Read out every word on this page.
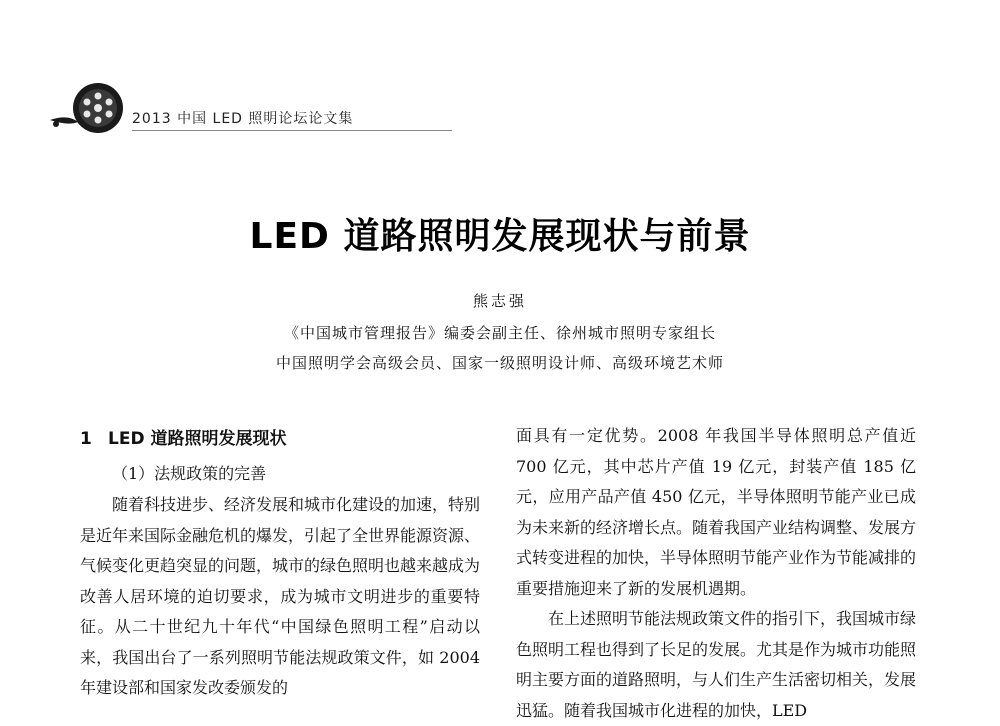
2013 中国 LED 照明论坛论文集
LED 道路照明发展现状与前景
熊志强
《中国城市管理报告》编委会副主任、徐州城市照明专家组长
中国照明学会高级会员、国家一级照明设计师、高级环境艺术师
1 LED 道路照明发展现状
（1）法规政策的完善

随着科技进步、经济发展和城市化建设的加速，特别是近年来国际金融危机的爆发，引起了全世界能源资源、气候变化更趋突显的问题，城市的绿色照明也越来越成为改善人居环境的迫切要求，成为城市文明进步的重要特征。从二十世纪九十年代“中国绿色照明工程”启动以来，我国出台了一系列照明节能法规政策文件，如 2004 年建设部和国家发改委颁发的

面具有一定优势。2008 年我国半导体照明总产值近 700 亿元，其中芯片产值 19 亿元，封装产值 185 亿元，应用产品产值 450 亿元，半导体照明节能产业已成为未来新的经济增长点。随着我国产业结构调整、发展方式转变进程的加快，半导体照明节能产业作为节能减排的重要措施迎来了新的发展机遇期。

在上述照明节能法规政策文件的指引下，我国城市绿色照明工程也得到了长足的发展。尤其是作为城市功能照明主要方面的道路照明，与人们生产生活密切相关，发展迅猛。随着我国城市化进程的加快，LED
